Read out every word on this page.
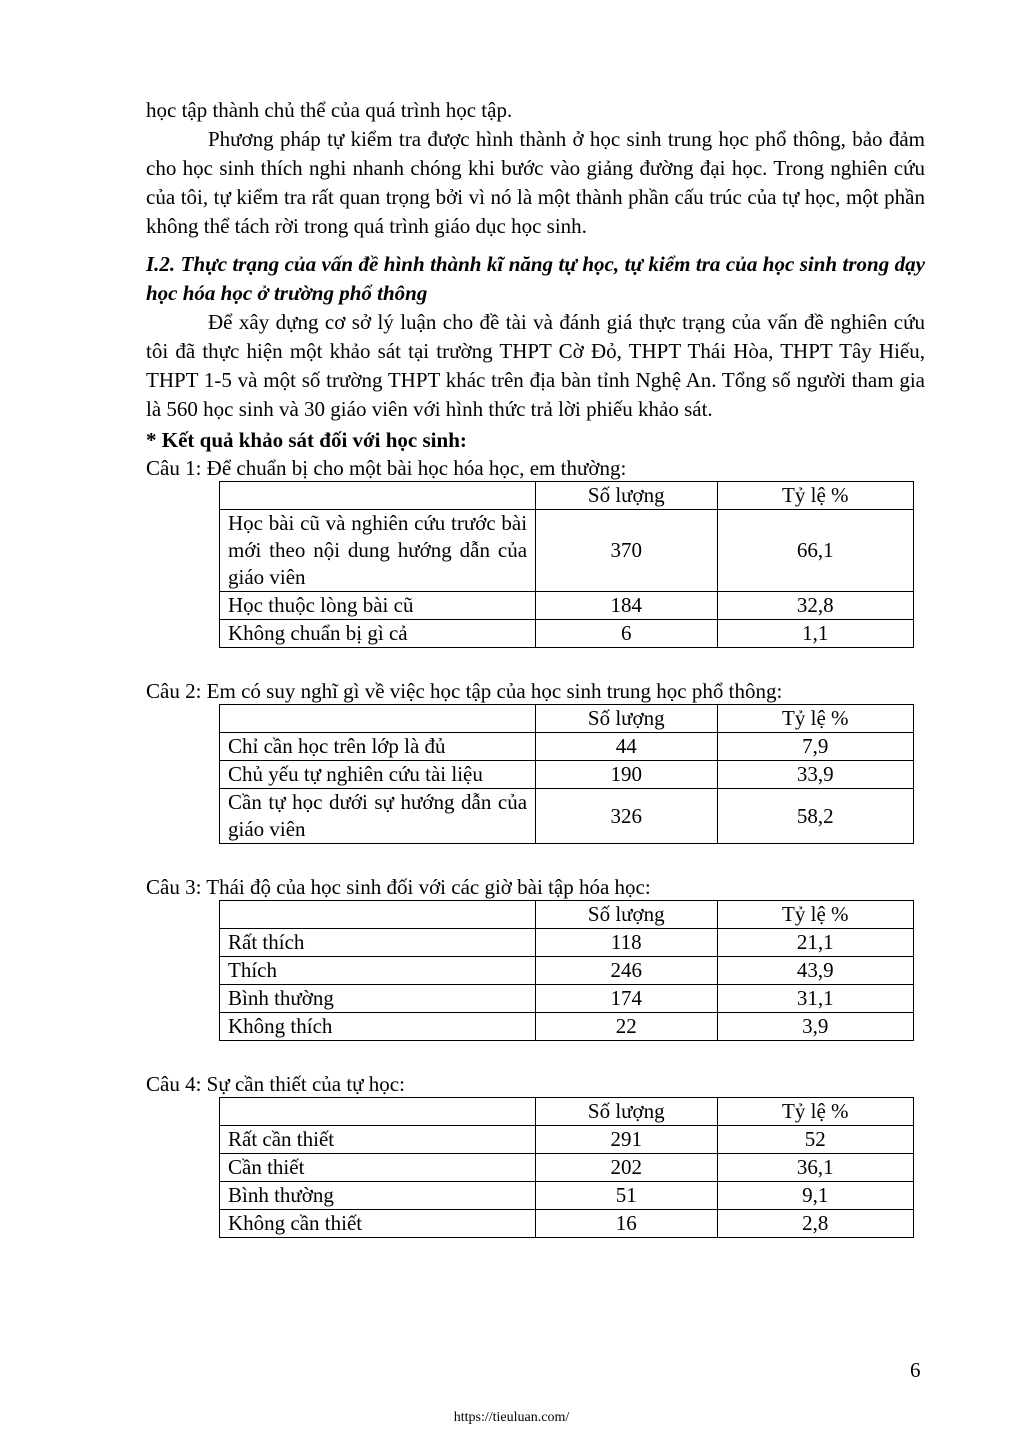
học tập thành chủ thể của quá trình học tập.

Phương pháp tự kiểm tra được hình thành ở học sinh trung học phổ thông, bảo đảm cho học sinh thích nghi nhanh chóng khi bước vào giảng đường đại học. Trong nghiên cứu của tôi, tự kiểm tra rất quan trọng bởi vì nó là một thành phần cấu trúc của tự học, một phần không thể tách rời trong quá trình giáo dục học sinh.

I.2. Thực trạng của vấn đề hình thành kĩ năng tự học, tự kiểm tra của học sinh trong dạy học hóa học ở trường phổ thông

Để xây dựng cơ sở lý luận cho đề tài và đánh giá thực trạng của vấn đề nghiên cứu tôi đã thực hiện một khảo sát tại trường THPT Cờ Đỏ, THPT Thái Hòa, THPT Tây Hiếu, THPT 1-5 và một số trường THPT khác trên địa bàn tỉnh Nghệ An. Tổng số người tham gia là 560 học sinh và 30 giáo viên với hình thức trả lời phiếu khảo sát.

* Kết quả khảo sát đối với học sinh:

Câu 1: Để chuẩn bị cho một bài học hóa học, em thường:

	Số lượng	Tỷ lệ %
Học bài cũ và nghiên cứu trước bài mới theo nội dung hướng dẫn của giáo viên	370	66,1
Học thuộc lòng bài cũ	184	32,8
Không chuẩn bị gì cả	6	1,1

Câu 2: Em có suy nghĩ gì về việc học tập của học sinh trung học phổ thông:

	Số lượng	Tỷ lệ %
Chỉ cần học trên lớp là đủ	44	7,9
Chủ yếu tự nghiên cứu tài liệu	190	33,9
Cần tự học dưới sự hướng dẫn của giáo viên	326	58,2

Câu 3: Thái độ của học sinh đối với các giờ bài tập hóa học:

	Số lượng	Tỷ lệ %
Rất thích	118	21,1
Thích	246	43,9
Bình thường	174	31,1
Không thích	22	3,9

Câu 4: Sự cần thiết của tự học:

	Số lượng	Tỷ lệ %
Rất cần thiết	291	52
Cần thiết	202	36,1
Bình thường	51	9,1
Không cần thiết	16	2,8
6
https://tieuluan.com/
